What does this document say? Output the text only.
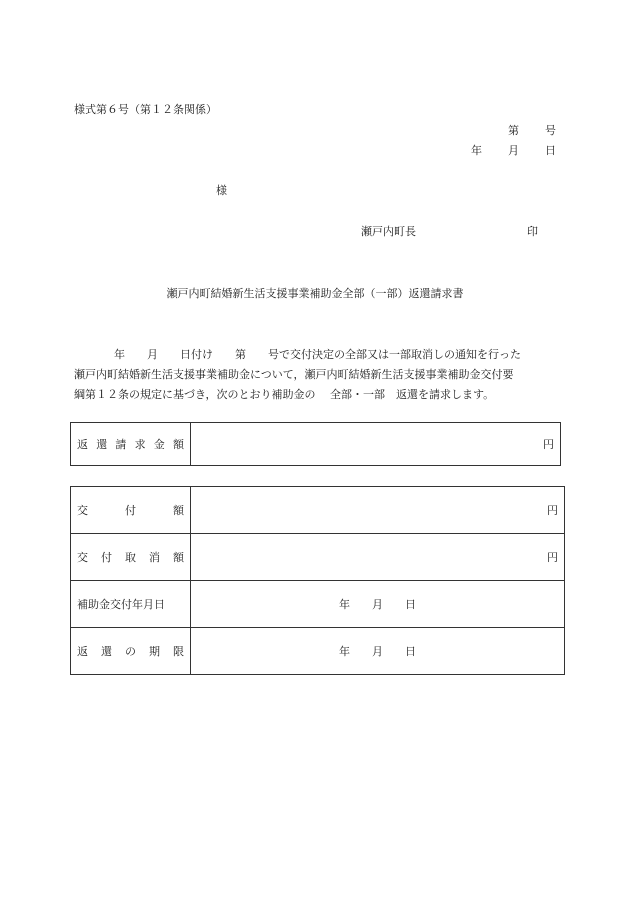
様式第６号（第１２条関係）
第 号
年 月 日
様
瀬戸内町長	印
瀬戸内町結婚新生活支援事業補助金全部（一部）返還請求書

年　　月　　日付け　　第　　号で交付決定の全部又は一部取消しの通知を行った

瀬戸内町結婚新生活支援事業補助金について，瀬戸内町結婚新生活支援事業補助金交付要

綱第１２条の規定に基づき，次のとおり補助金の　 全部・一部　返還を請求します。

返 還 請 求 金 額	円
交 付 額	円

交 付 取 消 額	円

補助金交付年月日	年　　月　　日

返 還 の 期 限	年　　月　　日
